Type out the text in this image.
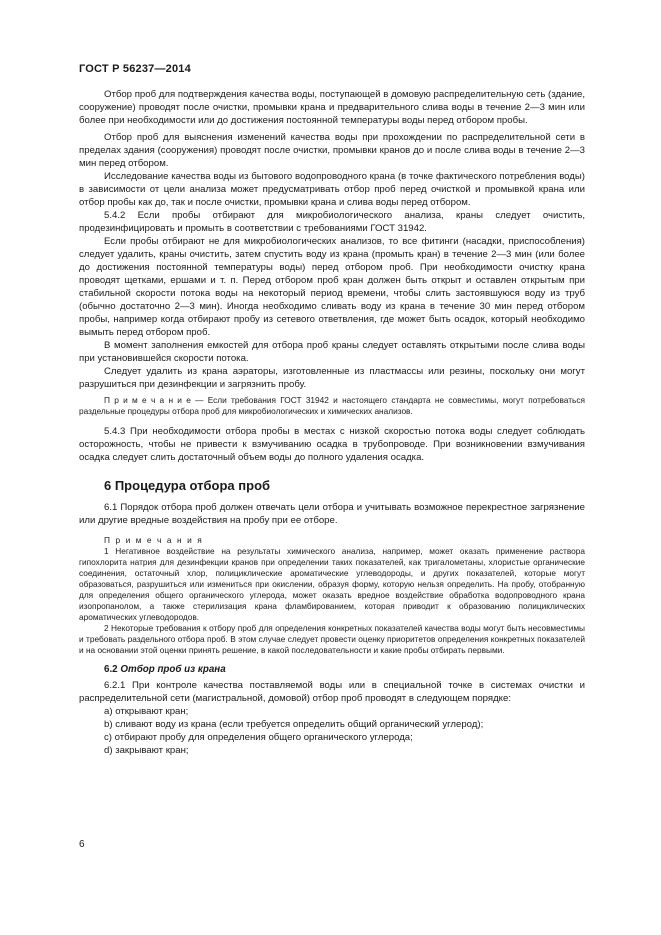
ГОСТ Р 56237—2014

Отбор проб для подтверждения качества воды, поступающей в домовую распределительную сеть (здание, сооружение) проводят после очистки, промывки крана и предварительного слива воды в течение 2—3 мин или более при необходимости или до достижения постоянной температуры воды перед отбором пробы.

Отбор проб для выяснения изменений качества воды при прохождении по распределительной сети в пределах здания (сооружения) проводят после очистки, промывки кранов до и после слива воды в течение 2—3 мин перед отбором.

Исследование качества воды из бытового водопроводного крана (в точке фактического потребления воды) в зависимости от цели анализа может предусматривать отбор проб перед очисткой и промывкой крана или отбор пробы как до, так и после очистки, промывки крана и слива воды перед отбором.

5.4.2 Если пробы отбирают для микробиологического анализа, краны следует очистить, продезинфицировать и промыть в соответствии с требованиями ГОСТ 31942.

Если пробы отбирают не для микробиологических анализов, то все фитинги (насадки, приспособления) следует удалить, краны очистить, затем спустить воду из крана (промыть кран) в течение 2—3 мин (или более до достижения постоянной температуры воды) перед отбором проб. При необходимости очистку крана проводят щетками, ершами и т. п. Перед отбором проб кран должен быть открыт и оставлен открытым при стабильной скорости потока воды на некоторый период времени, чтобы слить застоявшуюся воду из труб (обычно достаточно 2—3 мин). Иногда необходимо сливать воду из крана в течение 30 мин перед отбором пробы, например когда отбирают пробу из сетевого ответвления, где может быть осадок, который необходимо вымыть перед отбором проб.

В момент заполнения емкостей для отбора проб краны следует оставлять открытыми после слива воды при установившейся скорости потока.

Следует удалить из крана аэраторы, изготовленные из пластмассы или резины, поскольку они могут разрушиться при дезинфекции и загрязнить пробу.

П р и м е ч а н и е — Если требования ГОСТ 31942 и настоящего стандарта не совместимы, могут потребоваться раздельные процедуры отбора проб для микробиологических и химических анализов.

5.4.3 При необходимости отбора пробы в местах с низкой скоростью потока воды следует соблюдать осторожность, чтобы не привести к взмучиванию осадка в трубопроводе. При возникновении взмучивания осадка следует слить достаточный объем воды до полного удаления осадка.

6 Процедура отбора проб

6.1 Порядок отбора проб должен отвечать цели отбора и учитывать возможное перекрестное загрязнение или другие вредные воздействия на пробу при ее отборе.

П р и м е ч а н и я

1 Негативное воздействие на результаты химического анализа, например, может оказать применение раствора гипохлорита натрия для дезинфекции кранов при определении таких показателей, как тригалометаны, хлористые органические соединения, остаточный хлор, полициклические ароматические углеводороды, и других показателей, которые могут образоваться, разрушиться или измениться при окислении, образуя форму, которую нельзя определить. На пробу, отобранную для определения общего органического углерода, может оказать вредное воздействие обработка водопроводного крана изопропанолом, а также стерилизация крана фламбированием, которая приводит к образованию полициклических ароматических углеводородов.

2 Некоторые требования к отбору проб для определения конкретных показателей качества воды могут быть несовместимы и требовать раздельного отбора проб. В этом случае следует провести оценку приоритетов определения конкретных показателей и на основании этой оценки принять решение, в какой последовательности и какие пробы отбирать первыми.

6.2 Отбор проб из крана

6.2.1 При контроле качества поставляемой воды или в специальной точке в системах очистки и распределительной сети (магистральной, домовой) отбор проб проводят в следующем порядке:

a) открывают кран;

b) сливают воду из крана (если требуется определить общий органический углерод);

c) отбирают пробу для определения общего органического углерода;

d) закрывают кран;

6
